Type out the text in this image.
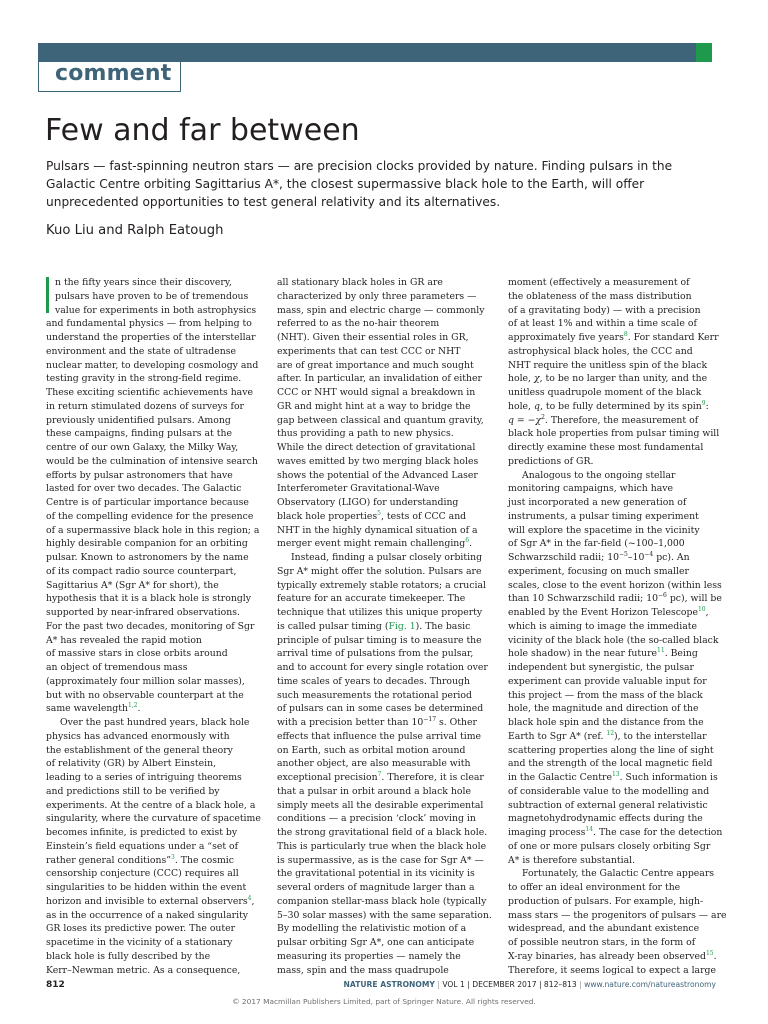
comment
Few and far between

Pulsars — fast-spinning neutron stars — are precision clocks provided by nature. Finding pulsars in the Galactic Centre orbiting Sagittarius A*, the closest supermassive black hole to the Earth, will offer unprecedented opportunities to test general relativity and its alternatives.

Kuo Liu and Ralph Eatough

n the fifty years since their discovery,
pulsars have proven to be of tremendous
value for experiments in both astrophysics
and fundamental physics — from helping to
understand the properties of the interstellar
environment and the state of ultradense
nuclear matter, to developing cosmology and
testing gravity in the strong-field regime.
These exciting scientific achievements have
in return stimulated dozens of surveys for
previously unidentified pulsars. Among
these campaigns, finding pulsars at the
centre of our own Galaxy, the Milky Way,
would be the culmination of intensive search
efforts by pulsar astronomers that have
lasted for over two decades. The Galactic
Centre is of particular importance because
of the compelling evidence for the presence
of a supermassive black hole in this region; a
highly desirable companion for an orbiting
pulsar. Known to astronomers by the name
of its compact radio source counterpart,
Sagittarius A* (Sgr A* for short), the
hypothesis that it is a black hole is strongly
supported by near-infrared observations.
For the past two decades, monitoring of Sgr
A* has revealed the rapid motion
of massive stars in close orbits around
an object of tremendous mass
(approximately four million solar masses),
but with no observable counterpart at the
same wavelength$^{1,2}$.
Over the past hundred years, black hole
physics has advanced enormously with
the establishment of the general theory
of relativity (GR) by Albert Einstein,
leading to a series of intriguing theorems
and predictions still to be verified by
experiments. At the centre of a black hole, a
singularity, where the curvature of spacetime
becomes infinite, is predicted to exist by
Einstein’s field equations under a “set of
rather general conditions”$^3$. The cosmic
censorship conjecture (CCC) requires all
singularities to be hidden within the event
horizon and invisible to external observers$^4$,
as in the occurrence of a naked singularity
GR loses its predictive power. The outer
spacetime in the vicinity of a stationary
black hole is fully described by the
Kerr–Newman metric. As a consequence,
all stationary black holes in GR are
characterized by only three parameters —
mass, spin and electric charge — commonly
referred to as the no-hair theorem
(NHT). Given their essential roles in GR,
experiments that can test CCC or NHT
are of great importance and much sought
after. In particular, an invalidation of either
CCC or NHT would signal a breakdown in
GR and might hint at a way to bridge the
gap between classical and quantum gravity,
thus providing a path to new physics.
While the direct detection of gravitational
waves emitted by two merging black holes
shows the potential of the Advanced Laser
Interferometer Gravitational-Wave
Observatory (LIGO) for understanding
black hole properties$^5$, tests of CCC and
NHT in the highly dynamical situation of a
merger event might remain challenging$^6$.
Instead, finding a pulsar closely orbiting
Sgr A* might offer the solution. Pulsars are
typically extremely stable rotators; a crucial
feature for an accurate timekeeper. The
technique that utilizes this unique property
is called pulsar timing (Fig. 1). The basic
principle of pulsar timing is to measure the
arrival time of pulsations from the pulsar,
and to account for every single rotation over
time scales of years to decades. Through
such measurements the rotational period
of pulsars can in some cases be determined
with a precision better than $10^{-17}$ s. Other
effects that influence the pulse arrival time
on Earth, such as orbital motion around
another object, are also measurable with
exceptional precision$^7$. Therefore, it is clear
that a pulsar in orbit around a black hole
simply meets all the desirable experimental
conditions — a precision ‘clock’ moving in
the strong gravitational field of a black hole.
This is particularly true when the black hole
is supermassive, as is the case for Sgr A* —
the gravitational potential in its vicinity is
several orders of magnitude larger than a
companion stellar-mass black hole (typically
5–30 solar masses) with the same separation.
By modelling the relativistic motion of a
pulsar orbiting Sgr A*, one can anticipate
measuring its properties — namely the
mass, spin and the mass quadrupole
moment (effectively a measurement of
the oblateness of the mass distribution
of a gravitating body) — with a precision
of at least 1% and within a time scale of
approximately five years$^8$. For standard Kerr
astrophysical black holes, the CCC and
NHT require the unitless spin of the black
hole, χ, to be no larger than unity, and the
unitless quadrupole moment of the black
hole, q, to be fully determined by its spin$^9$:
$q = -\chi^2$. Therefore, the measurement of
black hole properties from pulsar timing will
directly examine these most fundamental
predictions of GR.
Analogous to the ongoing stellar
monitoring campaigns, which have
just incorporated a new generation of
instruments, a pulsar timing experiment
will explore the spacetime in the vicinity
of Sgr A* in the far-field (~100–1,000
Schwarzschild radii; $10^{-5}-10^{-4}$ pc). An
experiment, focusing on much smaller
scales, close to the event horizon (within less
than 10 Schwarzschild radii; $10^{-6}$ pc), will be
enabled by the Event Horizon Telescope$^{10}$,
which is aiming to image the immediate
vicinity of the black hole (the so-called black
hole shadow) in the near future$^{11}$. Being
independent but synergistic, the pulsar
experiment can provide valuable input for
this project — from the mass of the black
hole, the magnitude and direction of the
black hole spin and the distance from the
Earth to Sgr A* (ref. $^{12}$), to the interstellar
scattering properties along the line of sight
and the strength of the local magnetic field
in the Galactic Centre$^{13}$. Such information is
of considerable value to the modelling and
subtraction of external general relativistic
magnetohydrodynamic effects during the
imaging process$^{14}$. The case for the detection
of one or more pulsars closely orbiting Sgr
A* is therefore substantial.
Fortunately, the Galactic Centre appears
to offer an ideal environment for the
production of pulsars. For example, high-
mass stars — the progenitors of pulsars — are
widespread, and the abundant existence
of possible neutron stars, in the form of
X-ray binaries, has already been observed$^{15}$.
Therefore, it seems logical to expect a large
812	NATURE ASTRONOMY | VOL 1 | DECEMBER 2017 | 812–813 | www.nature.com/natureastronomy
© 2017 Macmillan Publishers Limited, part of Springer Nature. All rights reserved.
